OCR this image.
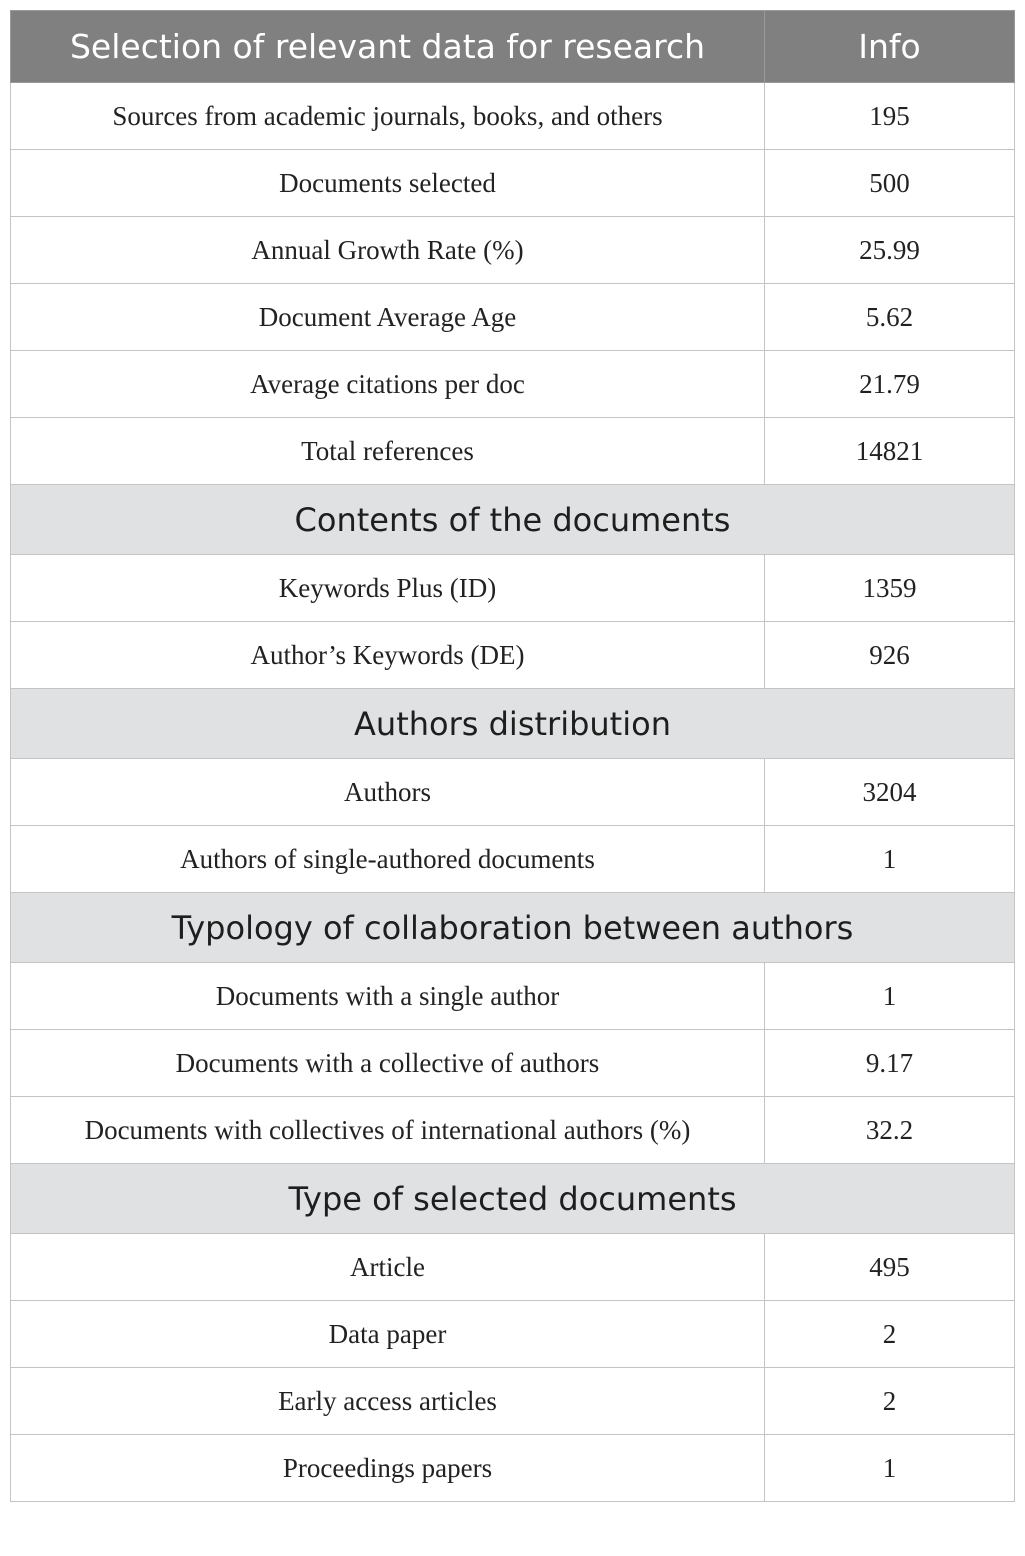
Selection of relevant data for research	Info
Sources from academic journals, books, and others	195
Documents selected	500
Annual Growth Rate (%)	25.99
Document Average Age	5.62
Average citations per doc	21.79
Total references	14821
Contents of the documents	
Keywords Plus (ID)	1359
Author’s Keywords (DE)	926
Authors distribution	
Authors	3204
Authors of single-authored documents	1
Typology of collaboration between authors	
Documents with a single author	1
Documents with a collective of authors	9.17
Documents with collectives of international authors (%)	32.2
Type of selected documents	
Article	495
Data paper	2
Early access articles	2
Proceedings papers	1
